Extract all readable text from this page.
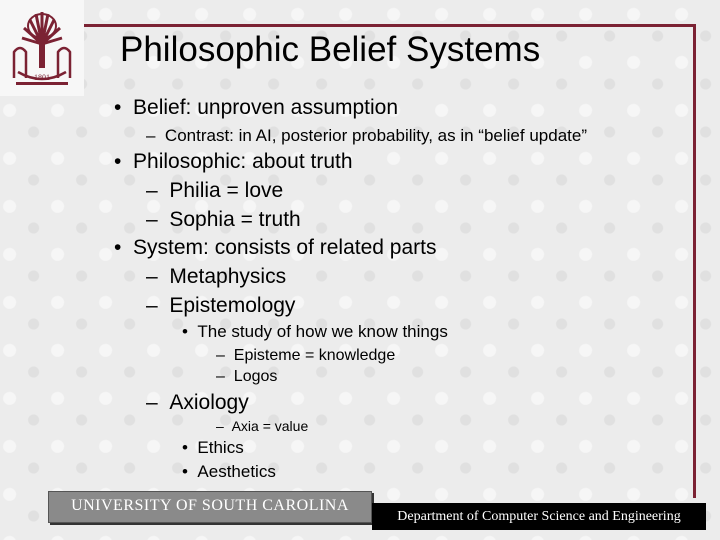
1801
Philosophic Belief Systems
• Belief: unproven assumption
– Contrast: in AI, posterior probability, as in “belief update”
• Philosophic: about truth
– Philia = love
– Sophia = truth
• System: consists of related parts
– Metaphysics
– Epistemology
• The study of how we know things
– Episteme = knowledge
– Logos
– Axiology
– Axia = value
• Ethics
• Aesthetics
UNIVERSITY OF SOUTH CAROLINA
Department of Computer Science and Engineering
